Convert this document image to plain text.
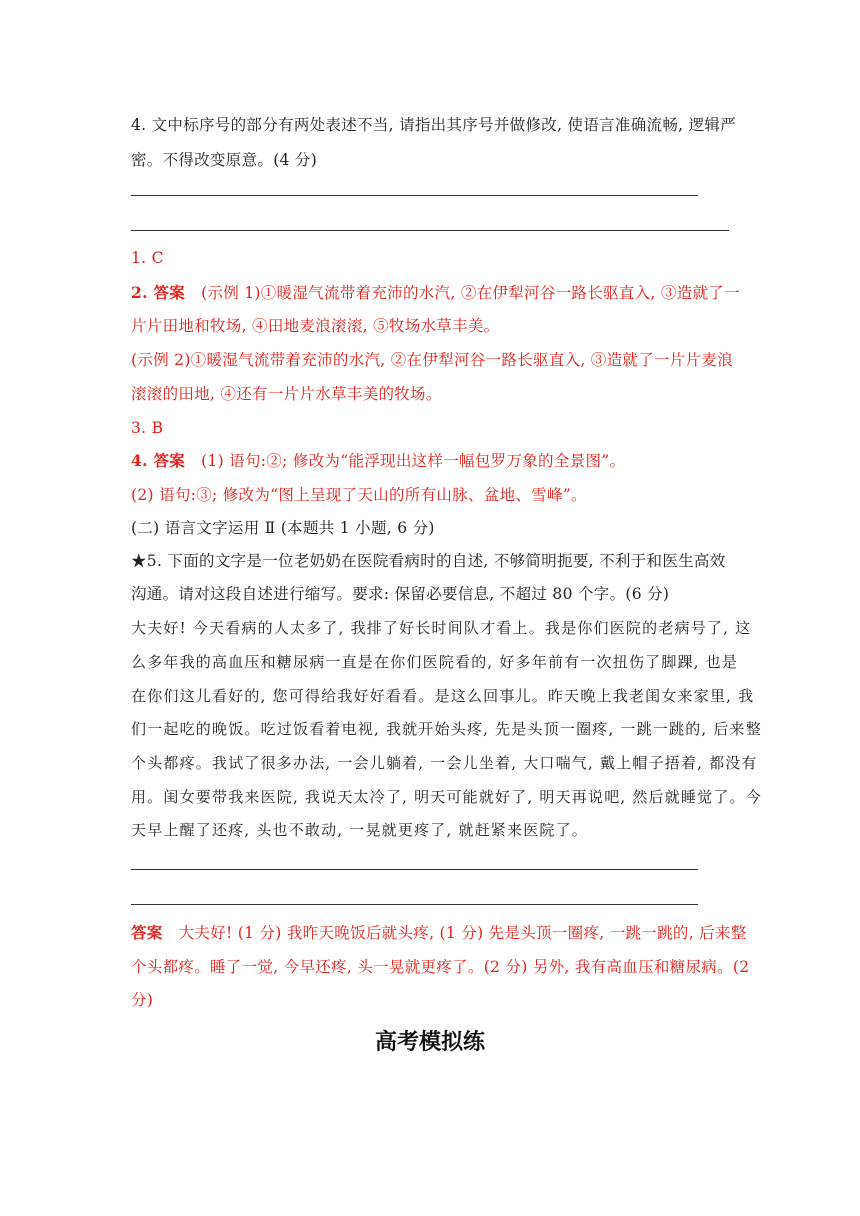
4. 文中标序号的部分有两处表述不当, 请指出其序号并做修改, 使语言准确流畅, 逻辑严
密。不得改变原意。(4 分)
1. C
2. 答案 (示例 1)①暖湿气流带着充沛的水汽, ②在伊犁河谷一路长驱直入, ③造就了一
片片田地和牧场, ④田地麦浪滚滚, ⑤牧场水草丰美。
(示例 2)①暖湿气流带着充沛的水汽, ②在伊犁河谷一路长驱直入, ③造就了一片片麦浪
滚滚的田地, ④还有一片片水草丰美的牧场。
3. B
4. 答案 (1) 语句:②; 修改为“能浮现出这样一幅包罗万象的全景图”。
(2) 语句:③; 修改为“图上呈现了天山的所有山脉、盆地、雪峰”。
(二) 语言文字运用 Ⅱ (本题共 1 小题, 6 分)
★5. 下面的文字是一位老奶奶在医院看病时的自述, 不够简明扼要, 不利于和医生高效
沟通。请对这段自述进行缩写。要求: 保留必要信息, 不超过 80 个字。(6 分)
大夫好! 今天看病的人太多了, 我排了好长时间队才看上。我是你们医院的老病号了, 这
么多年我的高血压和糖尿病一直是在你们医院看的, 好多年前有一次扭伤了脚踝, 也是
在你们这儿看好的, 您可得给我好好看看。是这么回事儿。昨天晚上我老闺女来家里, 我
们一起吃的晚饭。吃过饭看着电视, 我就开始头疼, 先是头顶一圈疼, 一跳一跳的, 后来整
个头都疼。我试了很多办法, 一会儿躺着, 一会儿坐着, 大口喘气, 戴上帽子捂着, 都没有
用。闺女要带我来医院, 我说天太冷了, 明天可能就好了, 明天再说吧, 然后就睡觉了。今
天早上醒了还疼, 头也不敢动, 一晃就更疼了, 就赶紧来医院了。
答案 大夫好! (1 分) 我昨天晚饭后就头疼, (1 分) 先是头顶一圈疼, 一跳一跳的, 后来整
个头都疼。睡了一觉, 今早还疼, 头一晃就更疼了。(2 分) 另外, 我有高血压和糖尿病。(2
分)
高考模拟练
